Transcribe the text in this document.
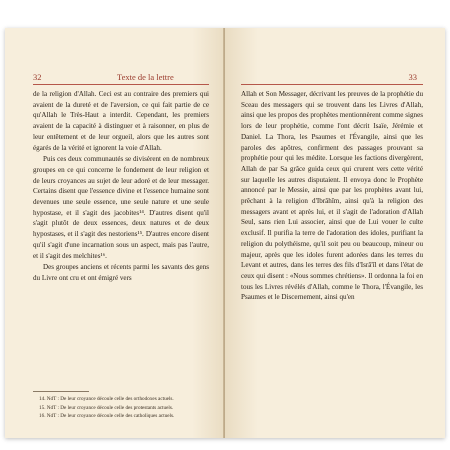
32	Texte de la lettre

de la religion d'Allah. Ceci est au contraire des premiers qui avaient de la dureté et de l'aversion, ce qui fait partie de ce qu'Allah le Très-Haut a interdit. Cependant, les premiers avaient de la capacité à distinguer et à raisonner, en plus de leur entêtement et de leur orgueil, alors que les autres sont égarés de la vérité et ignorent la voie d'Allah.

Puis ces deux communautés se divisèrent en de nombreux groupes en ce qui concerne le fondement de leur religion et de leurs croyances au sujet de leur adoré et de leur messager. Certains disent que l'essence divine et l'essence humaine sont devenues une seule essence, une seule nature et une seule hypostase, et il s'agit des jacobites¹⁴. D'autres disent qu'il s'agit plutôt de deux essences, deux natures et de deux hypostases, et il s'agit des nestoriens¹⁵. D'autres encore disent qu'il s'agit d'une incarnation sous un aspect, mais pas l'autre, et il s'agit des melchites¹⁶.

Des groupes anciens et récents parmi les savants des gens du Livre ont cru et ont émigré vers

14. NdT : De leur croyance découle celle des orthodoxes actuels.

15. NdT : De leur croyance découle celle des protestants actuels.

16. NdT : De leur croyance découle celle des catholiques actuels.

33

Allah et Son Messager, décrivant les preuves de la prophétie du Sceau des messagers qui se trouvent dans les Livres d'Allah, ainsi que les propos des prophètes mentionnèrent comme signes lors de leur prophétie, comme l'ont décrit Isaïe, Jérémie et Daniel. La Thora, les Psaumes et l'Évangile, ainsi que les paroles des apôtres, confirment des passages prouvant sa prophétie pour qui les médite. Lorsque les factions divergèrent, Allah de par Sa grâce guida ceux qui crurent vers cette vérité sur laquelle les autres disputaient. Il envoya donc le Prophète annoncé par le Messie, ainsi que par les prophètes avant lui, prêchant à la religion d'Ibrâhîm, ainsi qu'à la religion des messagers avant et après lui, et il s'agit de l'adoration d'Allah Seul, sans rien Lui associer, ainsi que de Lui vouer le culte exclusif. Il purifia la terre de l'adoration des idoles, purifiant la religion du polythéisme, qu'il soit peu ou beaucoup, mineur ou majeur, après que les idoles furent adorées dans les terres du Levant et autres, dans les terres des fils d'Isrâ'îl et dans l'état de ceux qui disent : «Nous sommes chrétiens». Il ordonna la foi en tous les Livres révélés d'Allah, comme le Thora, l'Évangile, les Psaumes et le Discernement, ainsi qu'en
